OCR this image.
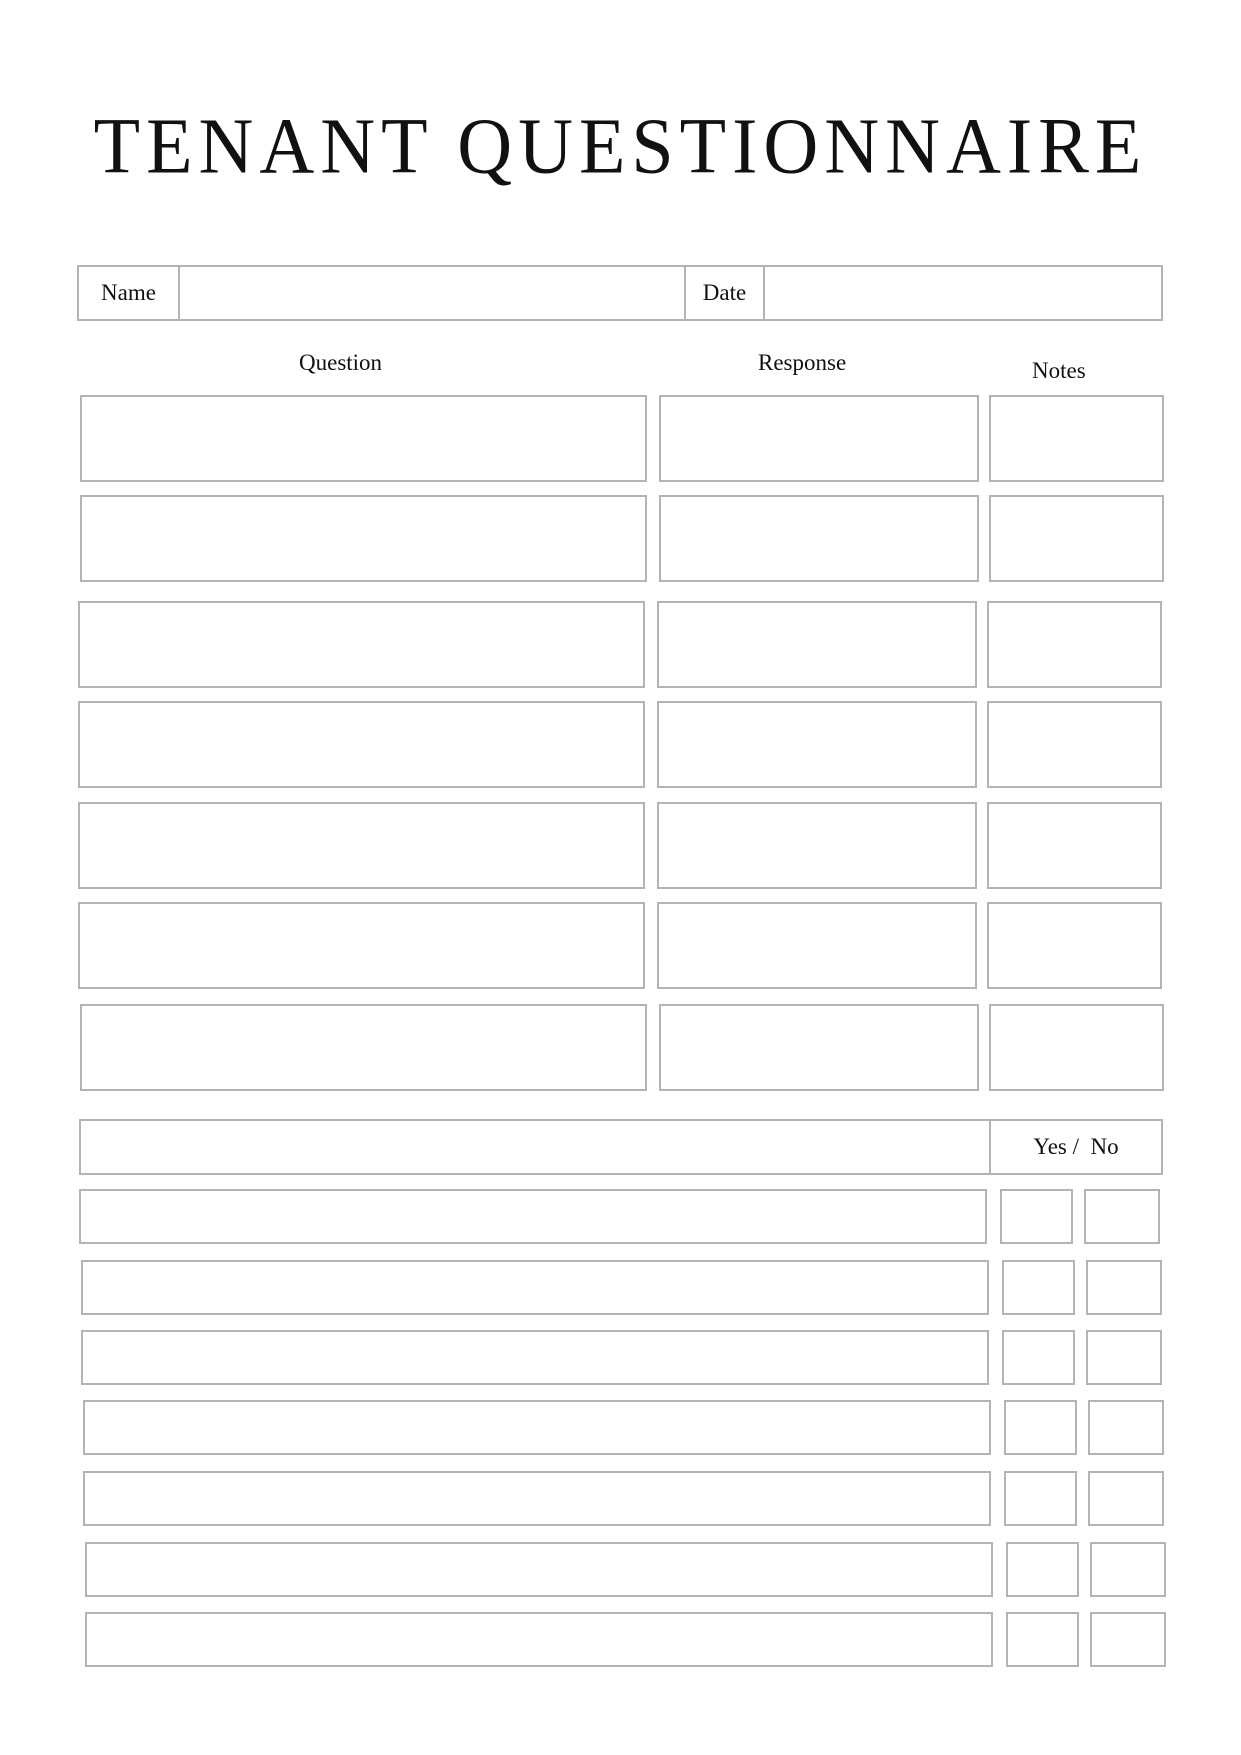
TENANT QUESTIONNAIRE
Name	Date
Question	Response	Notes
Yes /  No
